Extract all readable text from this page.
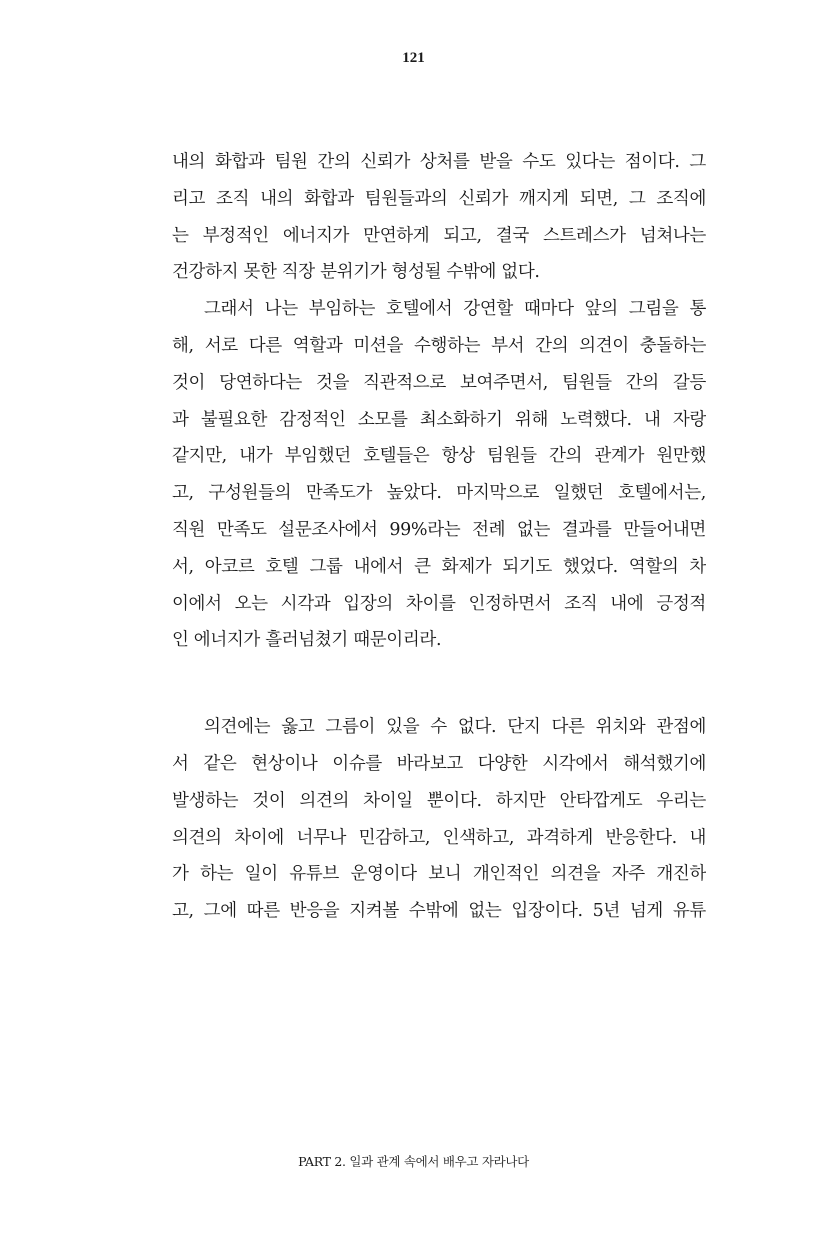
121

내의 화합과 팀원 간의 신뢰가 상처를 받을 수도 있다는 점이다. 그
리고 조직 내의 화합과 팀원들과의 신뢰가 깨지게 되면, 그 조직에
는 부정적인 에너지가 만연하게 되고, 결국 스트레스가 넘쳐나는
건강하지 못한 직장 분위기가 형성될 수밖에 없다.
그래서 나는 부임하는 호텔에서 강연할 때마다 앞의 그림을 통
해, 서로 다른 역할과 미션을 수행하는 부서 간의 의견이 충돌하는
것이 당연하다는 것을 직관적으로 보여주면서, 팀원들 간의 갈등
과 불필요한 감정적인 소모를 최소화하기 위해 노력했다. 내 자랑
같지만, 내가 부임했던 호텔들은 항상 팀원들 간의 관계가 원만했
고, 구성원들의 만족도가 높았다. 마지막으로 일했던 호텔에서는,
직원 만족도 설문조사에서 99%라는 전례 없는 결과를 만들어내면
서, 아코르 호텔 그룹 내에서 큰 화제가 되기도 했었다. 역할의 차
이에서 오는 시각과 입장의 차이를 인정하면서 조직 내에 긍정적
인 에너지가 흘러넘쳤기 때문이리라.
의견에는 옳고 그름이 있을 수 없다. 단지 다른 위치와 관점에
서 같은 현상이나 이슈를 바라보고 다양한 시각에서 해석했기에
발생하는 것이 의견의 차이일 뿐이다. 하지만 안타깝게도 우리는
의견의 차이에 너무나 민감하고, 인색하고, 과격하게 반응한다. 내
가 하는 일이 유튜브 운영이다 보니 개인적인 의견을 자주 개진하
고, 그에 따른 반응을 지켜볼 수밖에 없는 입장이다. 5년 넘게 유튜

PART 2. 일과 관계 속에서 배우고 자라나다
